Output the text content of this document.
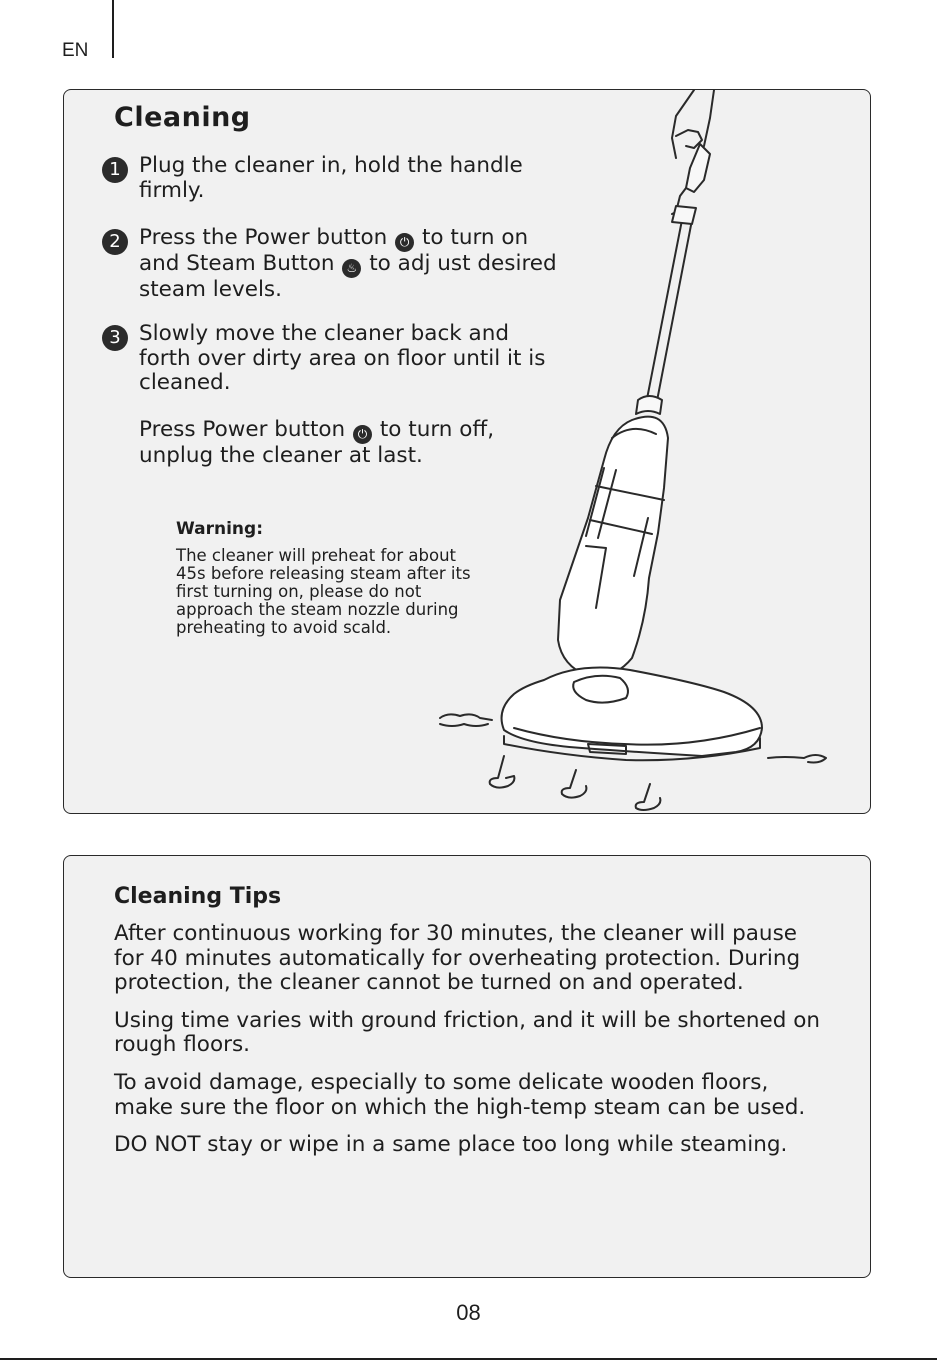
EN
Cleaning
1 Plug the cleaner in, hold the handle firmly.
2 Press the Power button ⏻ to turn on and Steam Button ♨ to adj ust desired steam levels.
3 Slowly move the cleaner back and forth over dirty area on floor until it is cleaned.
Press Power button ⏻ to turn off, unplug the cleaner at last.
Warning:
The cleaner will preheat for about 45s before releasing steam after its first turning on, please do not approach the steam nozzle during preheating to avoid scald.
Cleaning Tips

After continuous working for 30 minutes, the cleaner will pause for 40 minutes automatically for overheating protection. During protection, the cleaner cannot be turned on and operated.

Using time varies with ground friction, and it will be shortened on rough floors.

To avoid damage, especially to some delicate wooden floors, make sure the floor on which the high-temp steam can be used.

DO NOT stay or wipe in a same place too long while steaming.

08
